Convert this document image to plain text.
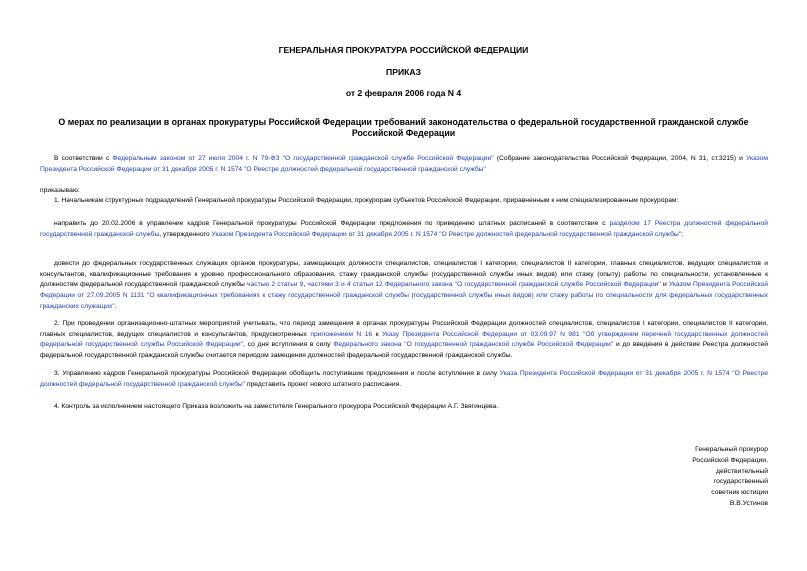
ГЕНЕРАЛЬНАЯ ПРОКУРАТУРА РОССИЙСКОЙ ФЕДЕРАЦИИ
ПРИКАЗ
от 2 февраля 2006 года N 4
О мерах по реализации в органах прокуратуры Российской Федерации требований законодательства о федеральной государственной гражданской службе Российской Федерации
В соответствии с Федеральным законом от 27 июля 2004 г. N 79-ФЗ "О государственной гражданской службе Российской Федерации" (Собрание законодательства Российской Федерации, 2004, N 31, ст.3215) и Указом Президента Российской Федерации от 31 декабря 2005 г. N 1574 "О Реестре должностей федеральной государственной гражданской службы"
приказываю:
1. Начальникам структурных подразделений Генеральной прокуратуры Российской Федерации, прокурорам субъектов Российской Федерации, приравненным к ним специализированным прокурорам:
направить до 20.02.2006 в управление кадров Генеральной прокуратуры Российской Федерации предложения по приведению штатных расписаний в соответствие с разделом 17 Реестра должностей федеральной государственной гражданской службы, утвержденного Указом Президента Российской Федерации от 31 декабря 2005 г. N 1574 "О Реестре должностей федеральной государственной гражданской службы";
довести до федеральных государственных служащих органов прокуратуры, замещающих должности специалистов, специалистов I категории, специалистов II категории, главных специалистов, ведущих специалистов и консультантов, квалификационные требования к уровню профессионального образования, стажу гражданской службы (государственной службы иных видов) или стажу (опыту) работы по специальности, установленные к должностям федеральной государственной гражданской службы частью 2 статьи 9, частями 3 и 4 статьи 12 Федерального закона "О государственной гражданской службе Российской Федерации" и Указом Президента Российской Федерации от 27.09.2005 N 1131 "О квалификационных требованиях к стажу государственной гражданской службы (государственной службы иных видов) или стажу работы по специальности для федеральных государственных гражданских служащих".
2. При проведении организационно-штатных мероприятий учитывать, что период замещения в органах прокуратуры Российской Федерации должностей специалистов, специалистов I категории, специалистов II категории, главных специалистов, ведущих специалистов и консультантов, предусмотренных приложением N 16 к Указу Президента Российской Федерации от 03.09.97 N 981 "Об утверждении перечней государственных должностей федеральной государственной службы Российской Федерации", со дня вступления в силу Федерального закона "О государственной гражданской службе Российской Федерации" и до введения в действие Реестра должностей федеральной государственной гражданской службы считается периодом замещения должностей федеральной государственной гражданской службы.
3. Управлению кадров Генеральной прокуратуры Российской Федерации обобщить поступившие предложения и после вступления в силу Указа Президента Российской Федерации от 31 декабря 2005 г. N 1574 "О Реестре должностей федеральной государственной гражданской службы" представить проект нового штатного расписания.
4. Контроль за исполнением настоящего Приказа возложить на заместителя Генерального прокурора Российской Федерации А.Г. Звягинцева.
Генеральный прокурор
Российской Федерации,
действительный
государственный
советник юстиции
В.В.Устинов
